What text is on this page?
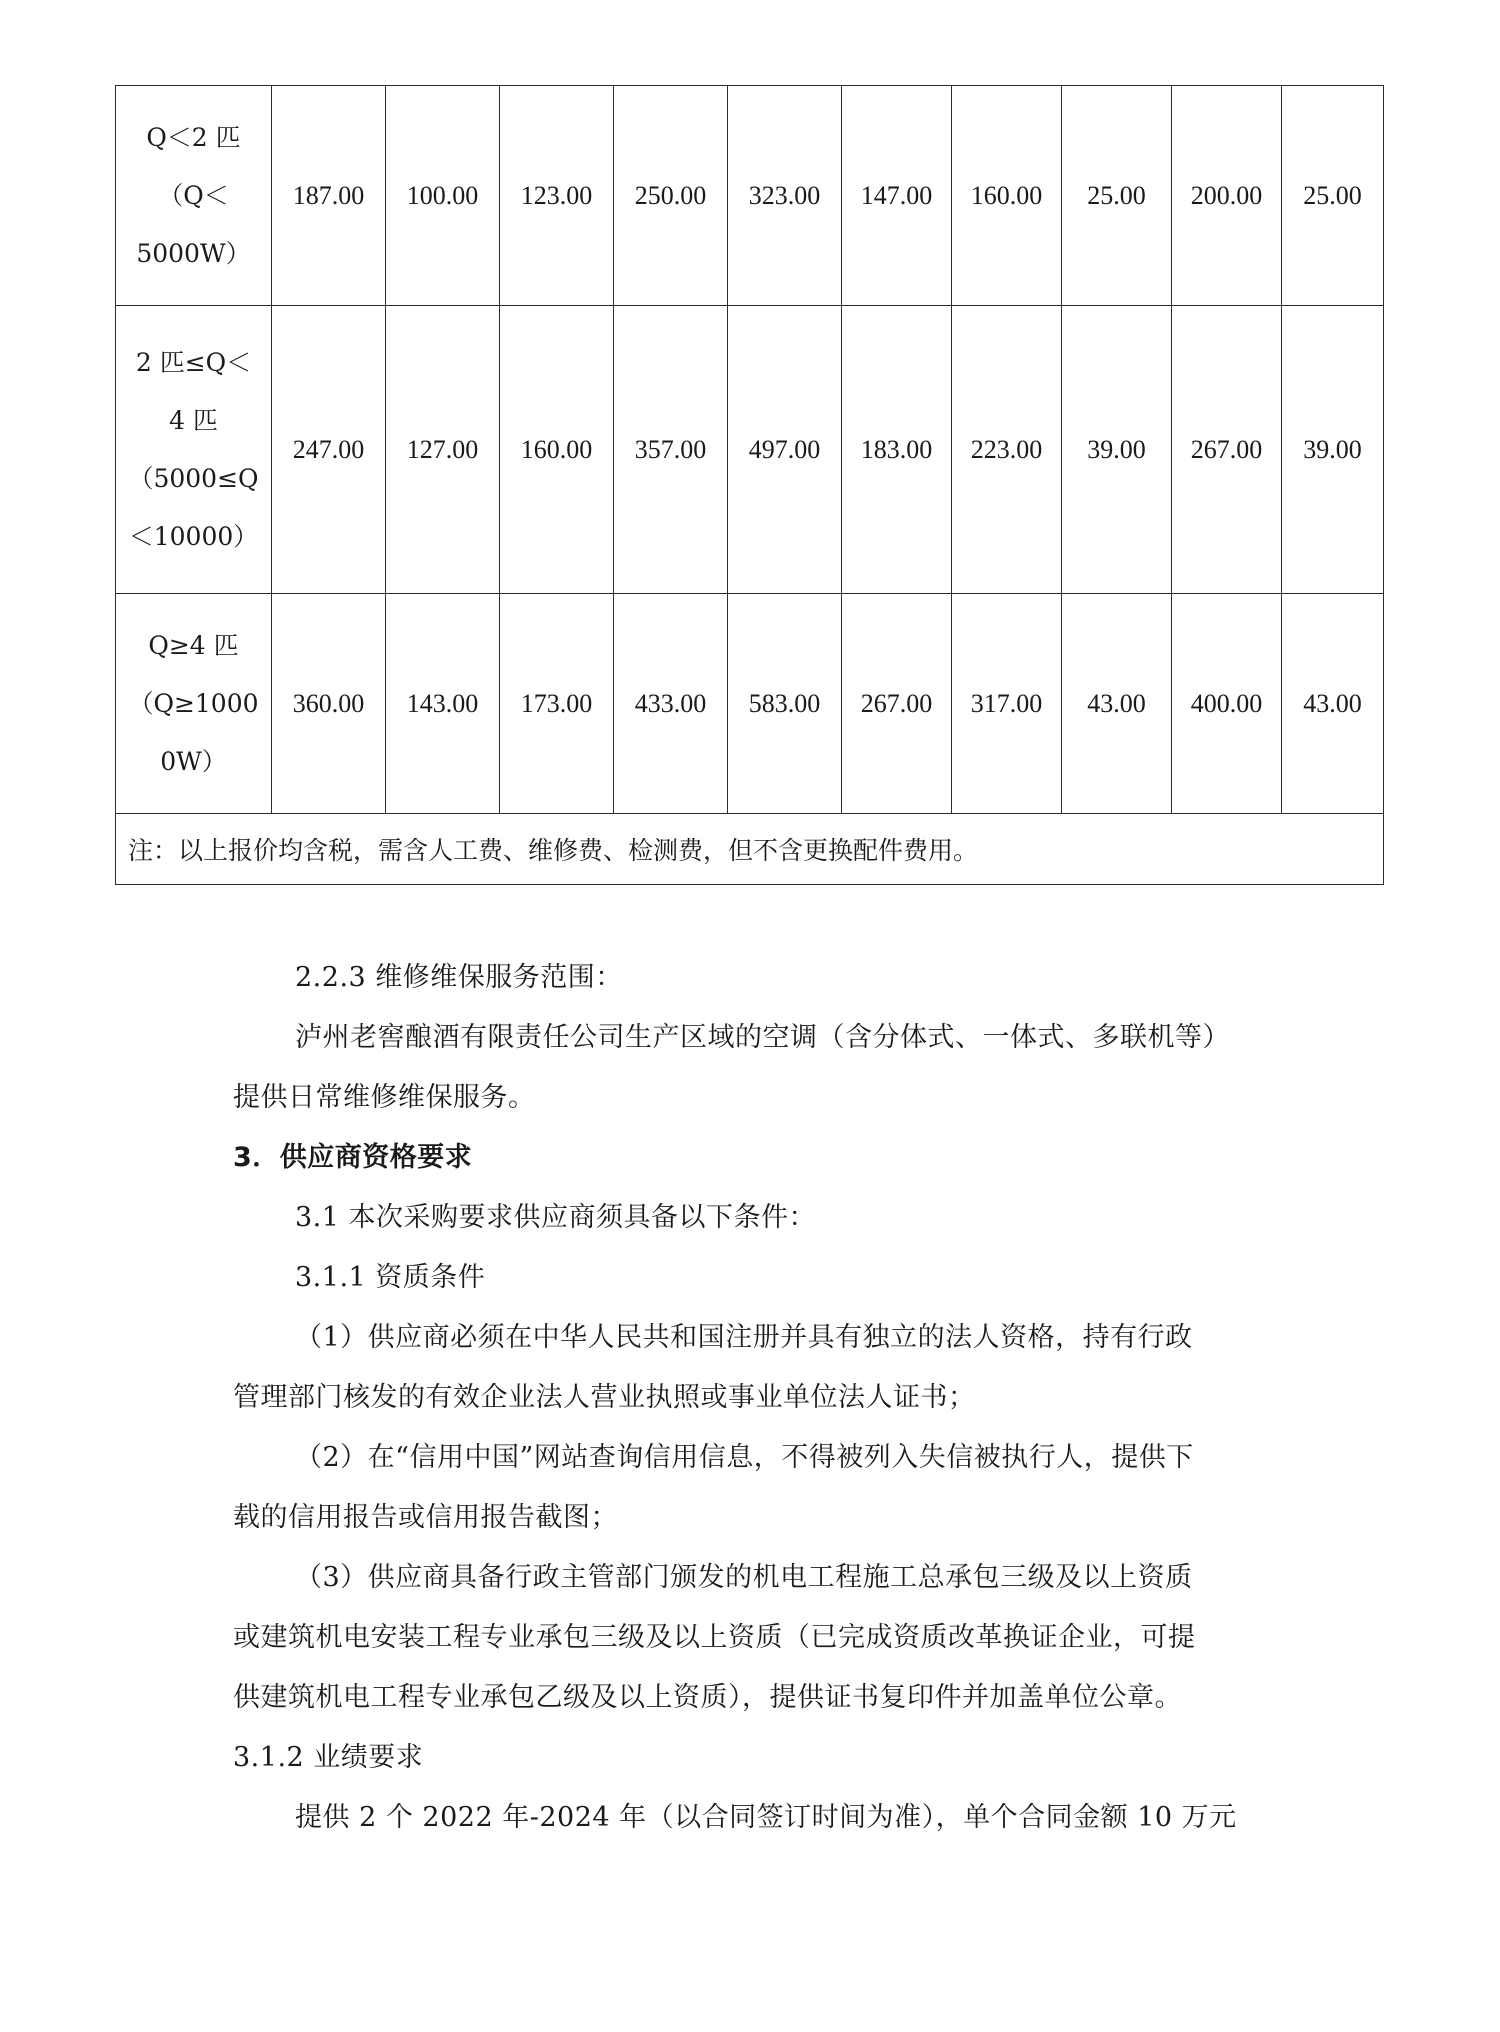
Q＜2 匹
（Q＜
5000W）	187.00	100.00	123.00	250.00	323.00	147.00	160.00	25.00	200.00	25.00

2 匹≤Q＜
4 匹
（5000≤Q
＜10000）	247.00	127.00	160.00	357.00	497.00	183.00	223.00	39.00	267.00	39.00

Q≥4 匹
（Q≥1000
0W）	360.00	143.00	173.00	433.00	583.00	267.00	317.00	43.00	400.00	43.00
注：以上报价均含税，需含人工费、维修费、检测费，但不含更换配件费用。										
2.2.3 维修维保服务范围：
泸州老窖酿酒有限责任公司生产区域的空调（含分体式、一体式、多联机等）
提供日常维修维保服务。
3．供应商资格要求
3.1 本次采购要求供应商须具备以下条件：
3.1.1 资质条件
（1）供应商必须在中华人民共和国注册并具有独立的法人资格，持有行政
管理部门核发的有效企业法人营业执照或事业单位法人证书；
（2）在“信用中国”网站查询信用信息，不得被列入失信被执行人，提供下
载的信用报告或信用报告截图；
（3）供应商具备行政主管部门颁发的机电工程施工总承包三级及以上资质
或建筑机电安装工程专业承包三级及以上资质（已完成资质改革换证企业，可提
供建筑机电工程专业承包乙级及以上资质），提供证书复印件并加盖单位公章。
3.1.2 业绩要求
提供 2 个 2022 年-2024 年（以合同签订时间为准），单个合同金额 10 万元
